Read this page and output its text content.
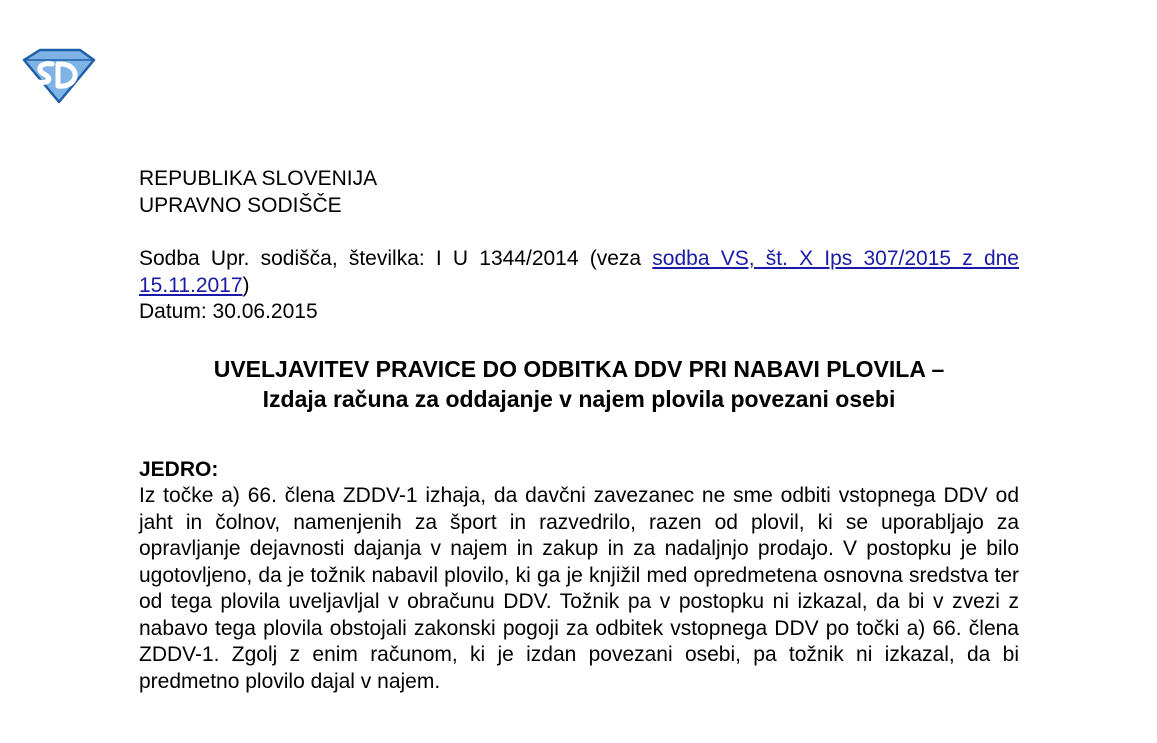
REPUBLIKA SLOVENIJA
UPRAVNO SODIŠČE
Sodba Upr. sodišča, številka: I U 1344/2014 (veza sodba VS, št. X Ips 307/2015 z dne 15.11.2017)
Datum: 30.06.2015
UVELJAVITEV PRAVICE DO ODBITKA DDV PRI NABAVI PLOVILA –
Izdaja računa za oddajanje v najem plovila povezani osebi
JEDRO:

Iz točke a) 66. člena ZDDV-1 izhaja, da davčni zavezanec ne sme odbiti vstopnega DDV od jaht in čolnov, namenjenih za šport in razvedrilo, razen od plovil, ki se uporabljajo za opravljanje dejavnosti dajanja v najem in zakup in za nadaljnjo prodajo. V postopku je bilo ugotovljeno, da je tožnik nabavil plovilo, ki ga je knjižil med opredmetena osnovna sredstva ter od tega plovila uveljavljal v obračunu DDV. Tožnik pa v postopku ni izkazal, da bi v zvezi z nabavo tega plovila obstojali zakonski pogoji za odbitek vstopnega DDV po točki a) 66. člena ZDDV-1. Zgolj z enim računom, ki je izdan povezani osebi, pa tožnik ni izkazal, da bi predmetno plovilo dajal v najem.
